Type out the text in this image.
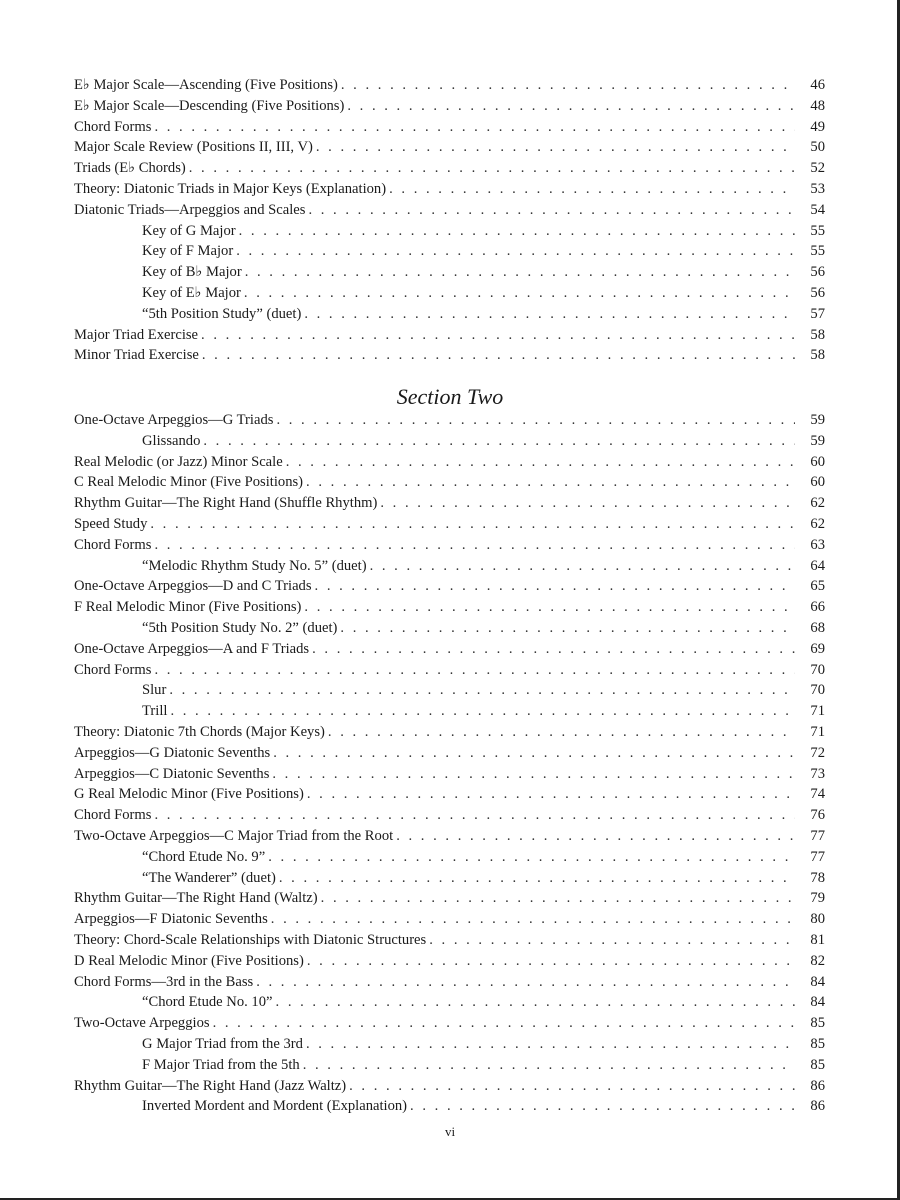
E♭ Major Scale—Ascending (Five Positions) . . .	46
E♭ Major Scale—Descending (Five Positions) . . .	48
Chord Forms . . .	49
Major Scale Review (Positions II, III, V) . . .	50
Triads (E♭ Chords) . . .	52
Theory: Diatonic Triads in Major Keys (Explanation) . . .	53
Diatonic Triads—Arpeggios and Scales . . .	54
Key of G Major . . .	55
Key of F Major . . .	55
Key of B♭ Major . . .	56
Key of E♭ Major . . .	56
“5th Position Study” (duet) . . .	57
Major Triad Exercise . . .	58
Minor Triad Exercise . . .	58
Section Two
One-Octave Arpeggios—G Triads . . .	59
Glissando . . .	59
Real Melodic (or Jazz) Minor Scale . . .	60
C Real Melodic Minor (Five Positions) . . .	60
Rhythm Guitar—The Right Hand (Shuffle Rhythm) . . .	62
Speed Study . . .	62
Chord Forms . . .	63
“Melodic Rhythm Study No. 5” (duet) . . .	64
One-Octave Arpeggios—D and C Triads . . .	65
F Real Melodic Minor (Five Positions) . . .	66
“5th Position Study No. 2” (duet) . . .	68
One-Octave Arpeggios—A and F Triads . . .	69
Chord Forms . . .	70
Slur . . .	70
Trill . . .	71
Theory: Diatonic 7th Chords (Major Keys) . . .	71
Arpeggios—G Diatonic Sevenths . . .	72
Arpeggios—C Diatonic Sevenths . . .	73
G Real Melodic Minor (Five Positions) . . .	74
Chord Forms . . .	76
Two-Octave Arpeggios—C Major Triad from the Root . . .	77
“Chord Etude No. 9” . . .	77
“The Wanderer” (duet) . . .	78
Rhythm Guitar—The Right Hand (Waltz) . . .	79
Arpeggios—F Diatonic Sevenths . . .	80
Theory: Chord-Scale Relationships with Diatonic Structures . . .	81
D Real Melodic Minor (Five Positions) . . .	82
Chord Forms—3rd in the Bass . . .	84
“Chord Etude No. 10” . . .	84
Two-Octave Arpeggios . . .	85
G Major Triad from the 3rd . . .	85
F Major Triad from the 5th . . .	85
Rhythm Guitar—The Right Hand (Jazz Waltz) . . .	86
Inverted Mordent and Mordent (Explanation) . . .	86
vi
